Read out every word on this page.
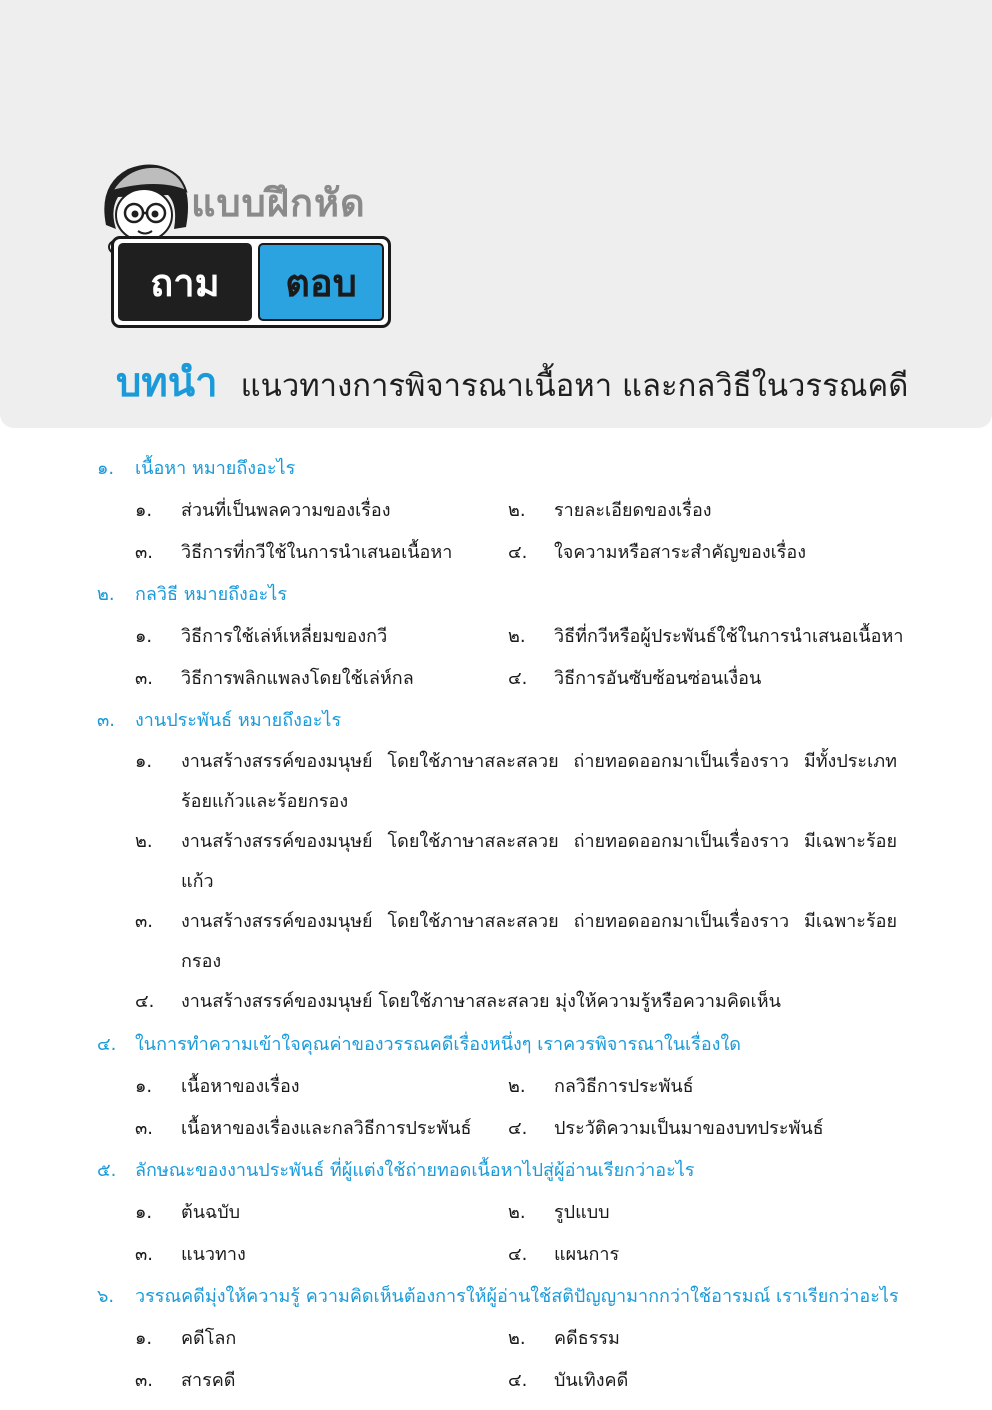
แบบฝึกหัด
ถาม	ตอบ
บทนำ แนวทางการพิจารณาเนื้อหา และกลวิธีในวรรณคดี
๑. เนื้อหา หมายถึงอะไร
๑. ส่วนที่เป็นพลความของเรื่อง	๒. รายละเอียดของเรื่อง
๓. วิธีการที่กวีใช้ในการนำเสนอเนื้อหา	๔. ใจความหรือสาระสำคัญของเรื่อง
๒. กลวิธี หมายถึงอะไร
๑. วิธีการใช้เล่ห์เหลี่ยมของกวี	๒. วิธีที่กวีหรือผู้ประพันธ์ใช้ในการนำเสนอเนื้อหา
๓. วิธีการพลิกแพลงโดยใช้เล่ห์กล	๔. วิธีการอันซับซ้อนซ่อนเงื่อน
๓. งานประพันธ์ หมายถึงอะไร
๑. งานสร้างสรรค์ของมนุษย์ โดยใช้ภาษาสละสลวย ถ่ายทอดออกมาเป็นเรื่องราว มีทั้งประเภทร้อยแก้วและร้อยกรอง
๒. งานสร้างสรรค์ของมนุษย์ โดยใช้ภาษาสละสลวย ถ่ายทอดออกมาเป็นเรื่องราว มีเฉพาะร้อยแก้ว
๓. งานสร้างสรรค์ของมนุษย์ โดยใช้ภาษาสละสลวย ถ่ายทอดออกมาเป็นเรื่องราว มีเฉพาะร้อยกรอง
๔. งานสร้างสรรค์ของมนุษย์ โดยใช้ภาษาสละสลวย มุ่งให้ความรู้หรือความคิดเห็น
๔. ในการทำความเข้าใจคุณค่าของวรรณคดีเรื่องหนึ่งๆ เราควรพิจารณาในเรื่องใด
๑. เนื้อหาของเรื่อง	๒. กลวิธีการประพันธ์
๓. เนื้อหาของเรื่องและกลวิธีการประพันธ์ ๔. ประวัติความเป็นมาของบทประพันธ์
๕. ลักษณะของงานประพันธ์ ที่ผู้แต่งใช้ถ่ายทอดเนื้อหาไปสู่ผู้อ่านเรียกว่าอะไร
๑. ต้นฉบับ	๒. รูปแบบ
๓. แนวทาง	๔. แผนการ
๖. วรรณคดีมุ่งให้ความรู้ ความคิดเห็นต้องการให้ผู้อ่านใช้สติปัญญามากกว่าใช้อารมณ์ เราเรียกว่าอะไร
๑. คดีโลก	๒. คดีธรรม
๓. สารคดี	๔. บันเทิงคดี
